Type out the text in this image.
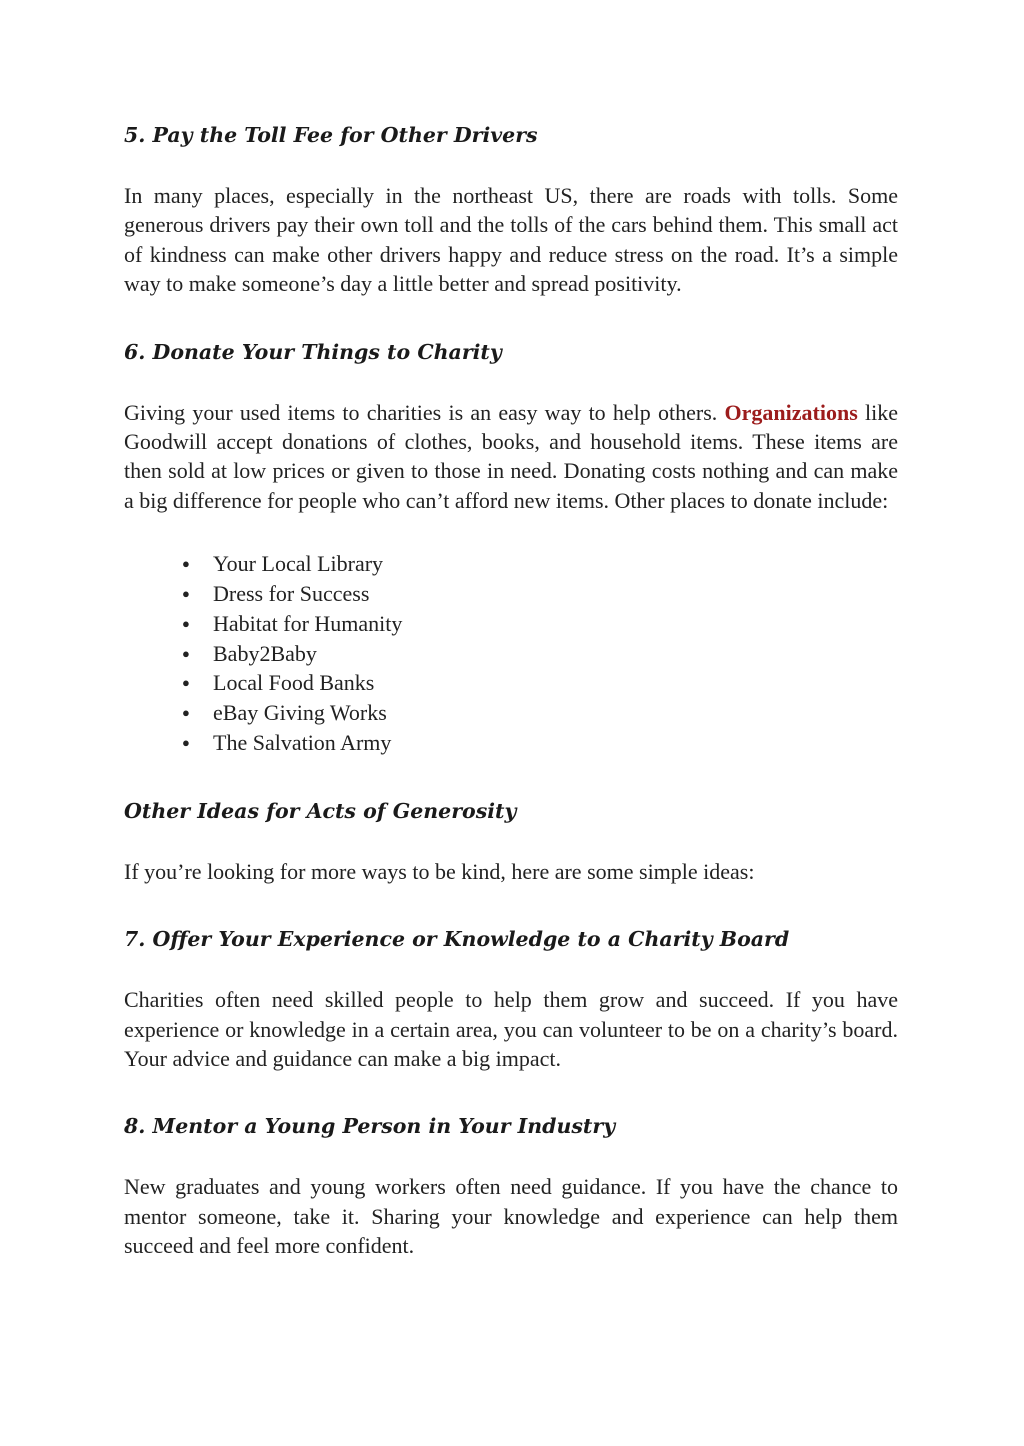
5. Pay the Toll Fee for Other Drivers

In many places, especially in the northeast US, there are roads with tolls. Some generous drivers pay their own toll and the tolls of the cars behind them. This small act of kindness can make other drivers happy and reduce stress on the road. It’s a simple way to make someone’s day a little better and spread positivity.

6. Donate Your Things to Charity

Giving your used items to charities is an easy way to help others. Organizations like Goodwill accept donations of clothes, books, and household items. These items are then sold at low prices or given to those in need. Donating costs nothing and can make a big difference for people who can’t afford new items. Other places to donate include:

● Your Local Library
● Dress for Success
● Habitat for Humanity
● Baby2Baby
● Local Food Banks
● eBay Giving Works
● The Salvation Army
Other Ideas for Acts of Generosity

If you’re looking for more ways to be kind, here are some simple ideas:

7. Offer Your Experience or Knowledge to a Charity Board

Charities often need skilled people to help them grow and succeed. If you have experience or knowledge in a certain area, you can volunteer to be on a charity’s board. Your advice and guidance can make a big impact.

8. Mentor a Young Person in Your Industry

New graduates and young workers often need guidance. If you have the chance to mentor someone, take it. Sharing your knowledge and experience can help them succeed and feel more confident.
